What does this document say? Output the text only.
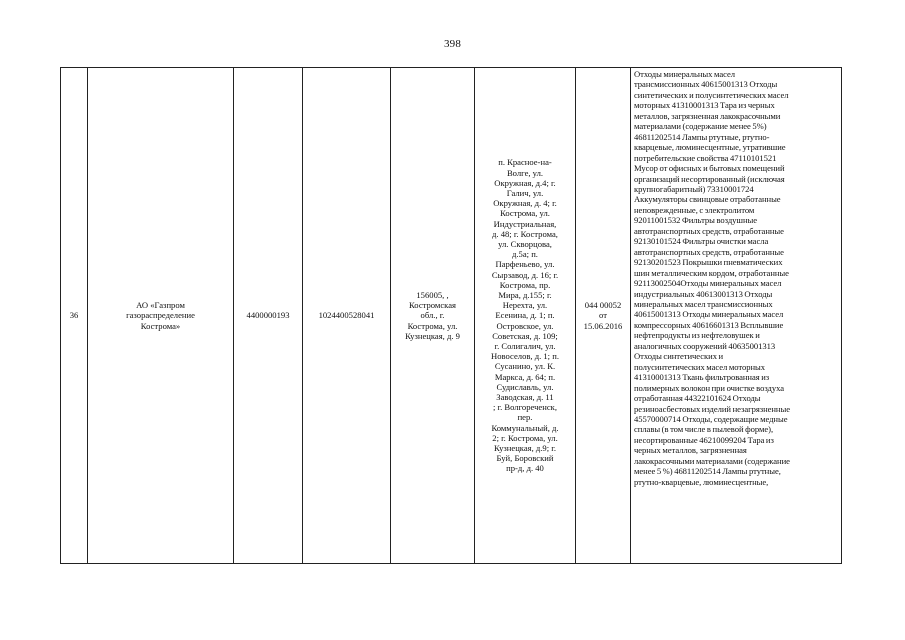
398
36	АО «Газпром
газораспределение
Кострома»	4400000193	1024400528041	156005, ,
Костромская
обл., г.
Кострома, ул.
Кузнецкая, д. 9	п. Красное-на-
Волге, ул.
Окружная, д.4; г.
Галич, ул.
Окружная, д. 4; г.
Кострома, ул.
Индустриальная,
д. 48; г. Кострома,
ул. Скворцова,
д.5а; п.
Парфеньево, ул.
Сырзавод, д. 16; г.
Кострома, пр.
Мира, д.155; г.
Нерехта, ул.
Есенина, д. 1; п.
Островское, ул.
Советская, д. 109;
г. Солигалич, ул.
Новоселов, д. 1; п.
Сусанино, ул. К.
Маркса, д. 64; п.
Судиславль, ул.
Заводская, д. 11
; г. Волгореченск,
пер.
Коммунальный, д.
2; г. Кострома, ул.
Кузнецкая, д.9; г.
Буй, Боровский
пр-д, д. 40	044 00052
от
15.06.2016	Отходы минеральных масел
трансмиссионных 40615001313 Отходы
синтетических и полусинтетических масел
моторных 41310001313 Тара из черных
металлов, загрязненная лакокрасочными
материалами (содержание менее 5%)
46811202514 Лампы ртутные, ртутно-
кварцевые, люминесцентные, утратившие
потребительские свойства 47110101521
Мусор от офисных и бытовых помещений
организаций несортированный (исключая
крупногабаритный) 73310001724
Аккумуляторы свинцовые отработанные
неповрежденные, с электролитом
92011001532 Фильтры воздушные
автотранспортных средств, отработанные
92130101524 Фильтры очистки масла
автотранспортных средств, отработанные
92130201523 Покрышки пневматических
шин металлическим кордом, отработанные
92113002504Отходы минеральных масел
индустриальных 40613001313 Отходы
минеральных масел трансмиссионных
40615001313 Отходы минеральных масел
компрессорных 40616601313 Всплывшие
нефтепродукты из нефтеловушек и
аналогичных сооружений 40635001313
Отходы синтетических и
полусинтетических масел моторных
41310001313 Ткань фильтрованная из
полимерных волокон при очистке воздуха
отработанная 44322101624 Отходы
резиноасбестовых изделий незагрязненные
45570000714 Отходы, содержащие медные
сплавы (в том числе в пылевой форме),
несортированные 46210099204 Тара из
черных металлов, загрязненная
лакокрасочными материалами (содержание
менее 5 %) 46811202514 Лампы ртутные,
ртутно-кварцевые, люминесцентные,
